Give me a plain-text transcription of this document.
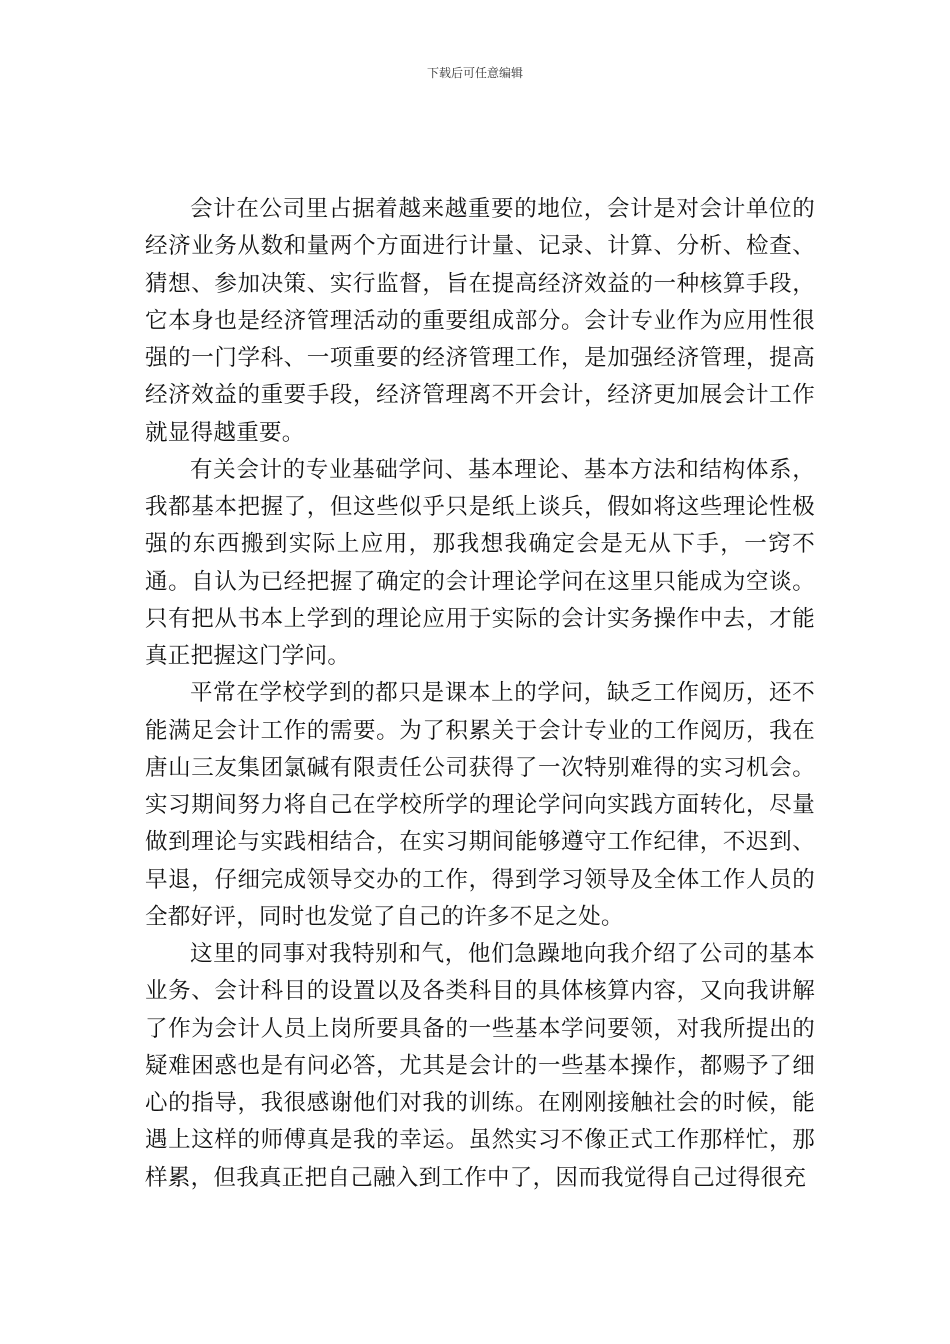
下载后可任意编辑

会计在公司里占据着越来越重要的地位，会计是对会计单位的经济业务从数和量两个方面进行计量、记录、计算、分析、检查、猜想、参加决策、实行监督，旨在提高经济效益的一种核算手段，它本身也是经济管理活动的重要组成部分。会计专业作为应用性很强的一门学科、一项重要的经济管理工作，是加强经济管理，提高经济效益的重要手段，经济管理离不开会计，经济更加展会计工作就显得越重要。

有关会计的专业基础学问、基本理论、基本方法和结构体系，我都基本把握了，但这些似乎只是纸上谈兵，假如将这些理论性极强的东西搬到实际上应用，那我想我确定会是无从下手，一窍不通。自认为已经把握了确定的会计理论学问在这里只能成为空谈。只有把从书本上学到的理论应用于实际的会计实务操作中去，才能真正把握这门学问。

平常在学校学到的都只是课本上的学问，缺乏工作阅历，还不能满足会计工作的需要。为了积累关于会计专业的工作阅历，我在唐山三友集团氯碱有限责任公司获得了一次特别难得的实习机会。实习期间努力将自己在学校所学的理论学问向实践方面转化，尽量做到理论与实践相结合，在实习期间能够遵守工作纪律，不迟到、早退，仔细完成领导交办的工作，得到学习领导及全体工作人员的全都好评，同时也发觉了自己的许多不足之处。

这里的同事对我特别和气，他们急躁地向我介绍了公司的基本业务、会计科目的设置以及各类科目的具体核算内容，又向我讲解了作为会计人员上岗所要具备的一些基本学问要领，对我所提出的疑难困惑也是有问必答，尤其是会计的一些基本操作，都赐予了细心的指导，我很感谢他们对我的训练。在刚刚接触社会的时候，能遇上这样的师傅真是我的幸运。虽然实习不像正式工作那样忙，那样累，但我真正把自己融入到工作中了，因而我觉得自己过得很充
